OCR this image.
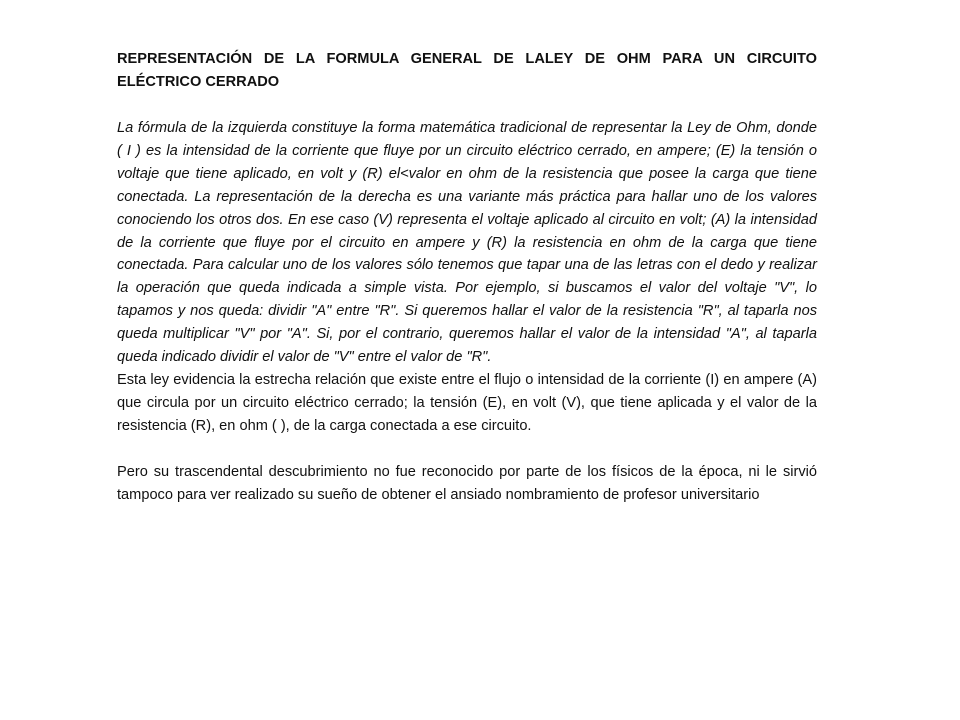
REPRESENTACIÓN DE LA FORMULA GENERAL DE LALEY DE OHM PARA UN CIRCUITO ELÉCTRICO CERRADO

La fórmula de la izquierda constituye la forma matemática tradicional de representar la Ley de Ohm, donde ( I ) es la intensidad de la corriente que fluye por un circuito eléctrico cerrado, en ampere; (E) la tensión o voltaje que tiene aplicado, en volt y (R) el<valor en ohm de la resistencia que posee la carga que tiene conectada. La representación de la derecha es una variante más práctica para hallar uno de los valores conociendo los otros dos. En ese caso (V) representa el voltaje aplicado al circuito en volt; (A) la intensidad de la corriente que fluye por el circuito en ampere y (R) la resistencia en ohm de la carga que tiene conectada. Para calcular uno de los valores sólo tenemos que tapar una de las letras con el dedo y realizar la operación que queda indicada a simple vista. Por ejemplo, si buscamos el valor del voltaje "V", lo tapamos y nos queda: dividir "A" entre "R". Si queremos hallar el valor de la resistencia "R", al taparla nos queda multiplicar "V" por "A". Si, por el contrario, queremos hallar el valor de la intensidad "A", al taparla queda indicado dividir el valor de "V" entre el valor de "R".

Esta ley evidencia la estrecha relación que existe entre el flujo o intensidad de la corriente (I) en ampere (A) que circula por un circuito eléctrico cerrado; la tensión (E), en volt (V), que tiene aplicada y el valor de la resistencia (R), en ohm ( ), de la carga conectada a ese circuito.

Pero su trascendental descubrimiento no fue reconocido por parte de los físicos de la época, ni le sirvió tampoco para ver realizado su sueño de obtener el ansiado nombramiento de profesor universitario
